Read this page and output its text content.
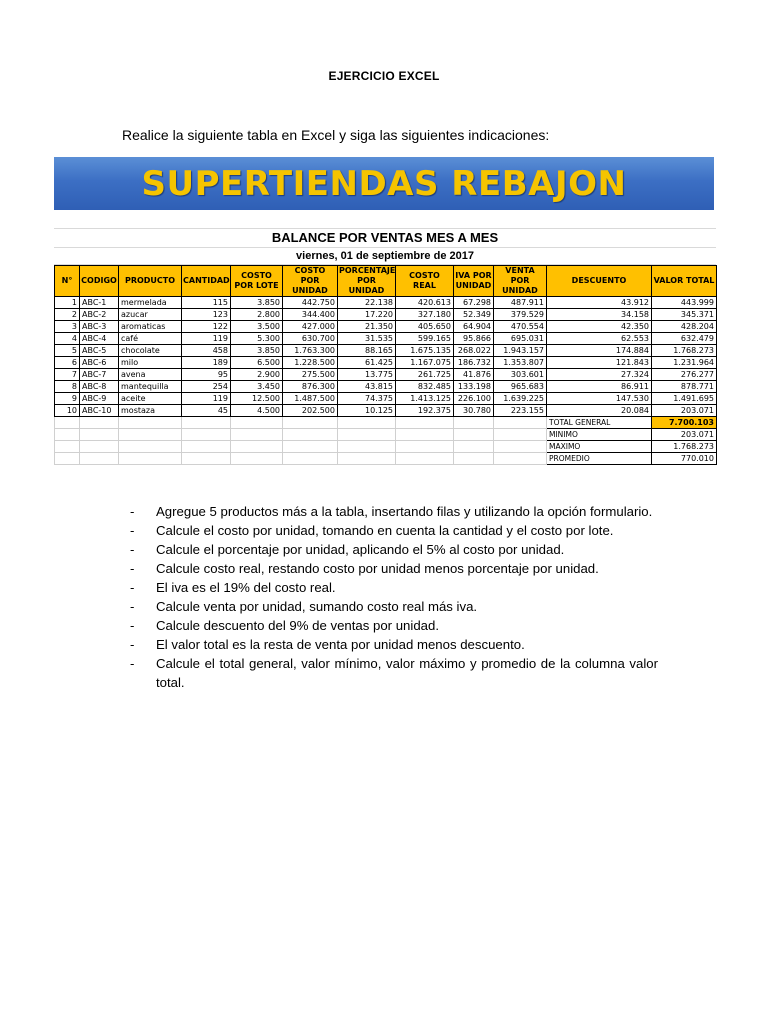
EJERCICIO EXCEL
Realice la siguiente tabla en Excel y siga las siguientes indicaciones:
SUPERTIENDAS REBAJON
BALANCE POR VENTAS MES A MES
viernes, 01 de septiembre de 2017
N°	CODIGO	PRODUCTO	CANTIDAD	COSTO POR LOTE	COSTO POR UNIDAD	PORCENTAJE POR UNIDAD	COSTO REAL	IVA POR UNIDAD	VENTA POR UNIDAD	DESCUENTO	VALOR TOTAL
1	ABC-1	mermelada	115	3.850	442.750	22.138	420.613	67.298	487.911	43.912	443.999
2	ABC-2	azucar	123	2.800	344.400	17.220	327.180	52.349	379.529	34.158	345.371
3	ABC-3	aromaticas	122	3.500	427.000	21.350	405.650	64.904	470.554	42.350	428.204
4	ABC-4	café	119	5.300	630.700	31.535	599.165	95.866	695.031	62.553	632.479
5	ABC-5	chocolate	458	3.850	1.763.300	88.165	1.675.135	268.022	1.943.157	174.884	1.768.273
6	ABC-6	milo	189	6.500	1.228.500	61.425	1.167.075	186.732	1.353.807	121.843	1.231.964
7	ABC-7	avena	95	2.900	275.500	13.775	261.725	41.876	303.601	27.324	276.277
8	ABC-8	mantequilla	254	3.450	876.300	43.815	832.485	133.198	965.683	86.911	878.771
9	ABC-9	aceite	119	12.500	1.487.500	74.375	1.413.125	226.100	1.639.225	147.530	1.491.695
10	ABC-10	mostaza	45	4.500	202.500	10.125	192.375	30.780	223.155	20.084	203.071
										TOTAL GENERAL	7.700.103
										MINIMO	203.071
										MAXIMO	1.768.273
										PROMEDIO	770.010
- Agregue 5 productos más a la tabla, insertando filas y utilizando la opción formulario.
- Calcule el costo por unidad, tomando en cuenta la cantidad y el costo por lote.
- Calcule el porcentaje por unidad, aplicando el 5% al costo por unidad.
- Calcule costo real, restando costo por unidad menos porcentaje por unidad.
- El iva es el 19% del costo real.
- Calcule venta por unidad, sumando costo real más iva.
- Calcule descuento del 9% de ventas por unidad.
- El valor total es la resta de venta por unidad menos descuento.
- Calcule el total general, valor mínimo, valor máximo y promedio de la columna valor total.
